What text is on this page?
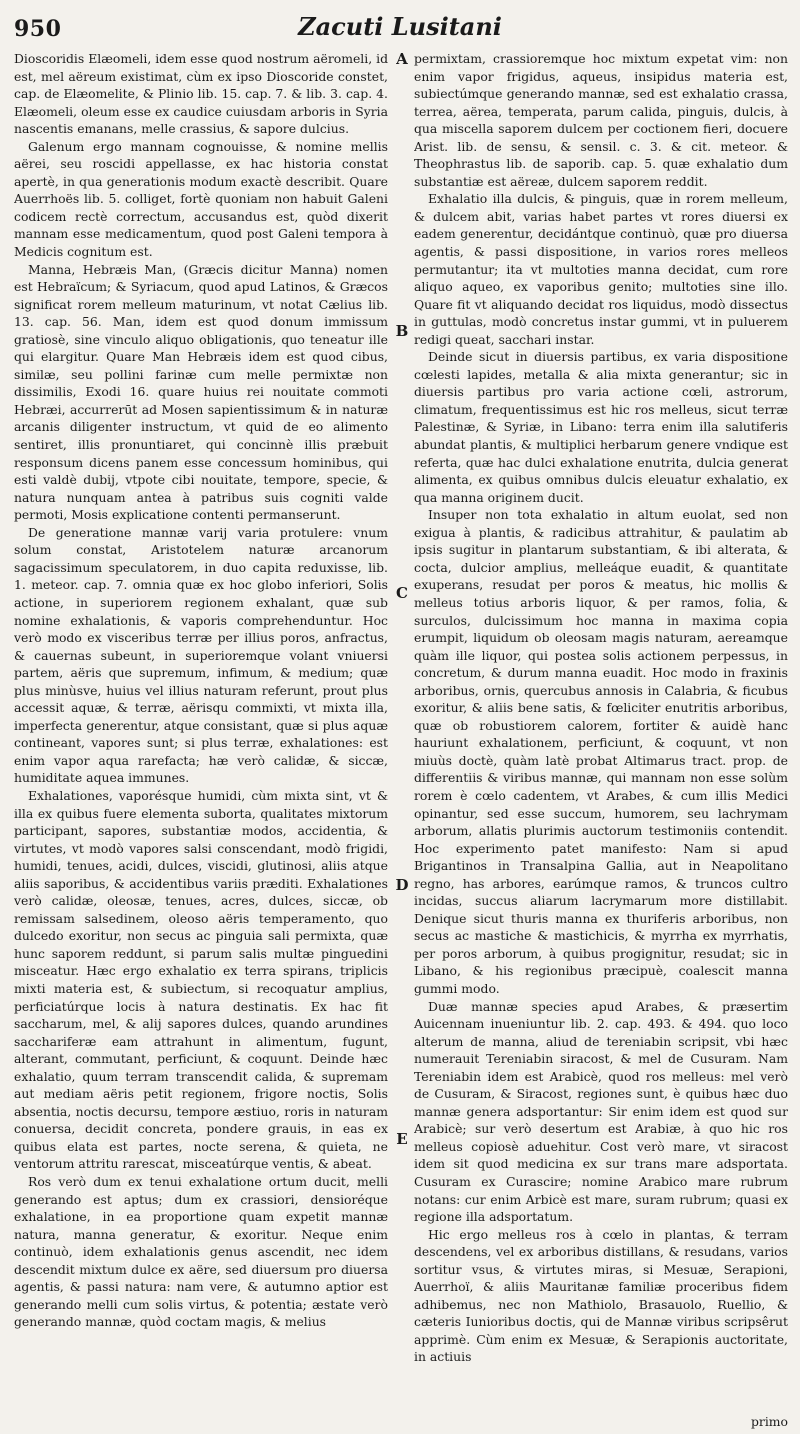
950	Zacuti Lusitani

Dioscoridis Elæomeli, idem esse quod nostrum aëromeli, id est, mel aëreum existimat, cùm ex ipso Dioscoride constet, cap. de Elæomelite, & Plinio lib. 15. cap. 7. & lib. 3. cap. 4. Elæomeli, oleum esse ex caudice cuiusdam arboris in Syria nascentis emanans, melle crassius, & sapore dulcius.

Galenum ergo mannam cognouisse, & nomine mellis aërei, seu roscidi appellasse, ex hac historia constat apertè, in qua generationis modum exactè describit. Quare Auerrhoës lib. 5. colliget, fortè quoniam non habuit Galeni codicem rectè correctum, accusandus est, quòd dixerit mannam esse medicamentum, quod post Galeni tempora à Medicis cognitum est.

Manna, Hebræis Man, (Græcis dicitur Manna) nomen est Hebraïcum; & Syriacum, quod apud Latinos, & Græcos significat rorem melleum maturinum, vt notat Cælius lib. 13. cap. 56. Man, idem est quod donum immissum gratiosè, sine vinculo aliquo obligationis, quo teneatur ille qui elargitur. Quare Man Hebræis idem est quod cibus, similæ, seu pollini farinæ cum melle permixtæ non dissimilis, Exodi 16. quare huius rei nouitate commoti Hebræi, accurrerūt ad Mosen sapientissimum & in naturæ arcanis diligenter instructum, vt quid de eo alimento sentiret, illis pronuntiaret, qui concinnè illis præbuit responsum dicens panem esse concessum hominibus, qui esti valdè dubij, vtpote cibi nouitate, tempore, specie, & natura nunquam antea à patribus suis cogniti valde permoti, Mosis explicatione contenti permanserunt.

De generatione mannæ varij varia protulere: vnum solum constat, Aristotelem naturæ arcanorum sagacissimum speculatorem, in duo capita reduxisse, lib. 1. meteor. cap. 7. omnia quæ ex hoc globo inferiori, Solis actione, in superiorem regionem exhalant, quæ sub nomine exhalationis, & vaporis comprehenduntur. Hoc verò modo ex visceribus terræ per illius poros, anfractus, & cauernas subeunt, in superioremque volant vniuersi partem, aëris que supremum, infimum, & medium; quæ plus minùsve, huius vel illius naturam referunt, prout plus accessit aquæ, & terræ, aërisqu commixti, vt mixta illa, imperfecta generentur, atque consistant, quæ si plus aquæ contineant, vapores sunt; si plus terræ, exhalationes: est enim vapor aqua rarefacta; hæ verò calidæ, & siccæ, humiditate aquea immunes.

Exhalationes, vaporésque humidi, cùm mixta sint, vt & illa ex quibus fuere elementa suborta, qualitates mixtorum participant, sapores, substantiæ modos, accidentia, & virtutes, vt modò vapores salsi conscendant, modò frigidi, humidi, tenues, acidi, dulces, viscidi, glutinosi, aliis atque aliis saporibus, & accidentibus variis præditi. Exhalationes verò calidæ, oleosæ, tenues, acres, dulces, siccæ, ob remissam salsedinem, oleoso aëris temperamento, quo dulcedo exoritur, non secus ac pinguia sali permixta, quæ hunc saporem reddunt, si parum salis multæ pinguedini misceatur. Hæc ergo exhalatio ex terra spirans, triplicis mixti materia est, & subiectum, si recoquatur amplius, perficiatúrque locis à natura destinatis. Ex hac fit saccharum, mel, & alij sapores dulces, quando arundines sacchariferæ eam attrahunt in alimentum, fugunt, alterant, commutant, perficiunt, & coquunt. Deinde hæc exhalatio, quum terram transcendit calida, & supremam aut mediam aëris petit regionem, frigore noctis, Solis absentia, noctis decursu, tempore æstiuo, roris in naturam conuersa, decidit concreta, pondere grauis, in eas ex quibus elata est partes, nocte serena, & quieta, ne ventorum attritu rarescat, misceatúrque ventis, & abeat.

Ros verò dum ex tenui exhalatione ortum ducit, melli generando est aptus; dum ex crassiori, densioréque exhalatione, in ea proportione quam expetit mannæ natura, manna generatur, & exoritur. Neque enim continuò, idem exhalationis genus ascendit, nec idem descendit mixtum dulce ex aëre, sed diuersum pro diuersa agentis, & passi natura: nam vere, & autumno aptior est generando melli cum solis virtus, & potentia; æstate verò generando mannæ, quòd coctam magis, & melius

A
B
C
D
E

permixtam, crassioremque hoc mixtum expetat vim: non enim vapor frigidus, aqueus, insipidus materia est, subiectúmque generando mannæ, sed est exhalatio crassa, terrea, aërea, temperata, parum calida, pinguis, dulcis, à qua miscella saporem dulcem per coctionem fieri, docuere Arist. lib. de sensu, & sensil. c. 3. & cit. meteor. & Theophrastus lib. de saporib. cap. 5. quæ exhalatio dum substantiæ est aëreæ, dulcem saporem reddit.

Exhalatio illa dulcis, & pinguis, quæ in rorem melleum, & dulcem abit, varias habet partes vt rores diuersi ex eadem generentur, decidántque continuò, quæ pro diuersa agentis, & passi dispositione, in varios rores melleos permutantur; ita vt multoties manna decidat, cum rore aliquo aqueo, ex vaporibus genito; multoties sine illo. Quare fit vt aliquando decidat ros liquidus, modò dissectus in guttulas, modò concretus instar gummi, vt in puluerem redigi queat, sacchari instar.

Deinde sicut in diuersis partibus, ex varia dispositione cœlesti lapides, metalla & alia mixta generantur; sic in diuersis partibus pro varia actione cœli, astrorum, climatum, frequentissimus est hic ros melleus, sicut terræ Palestinæ, & Syriæ, in Libano: terra enim illa salutiferis abundat plantis, & multiplici herbarum genere vndique est referta, quæ hac dulci exhalatione enutrita, dulcia generat alimenta, ex quibus omnibus dulcis eleuatur exhalatio, ex qua manna originem ducit.

Insuper non tota exhalatio in altum euolat, sed non exigua à plantis, & radicibus attrahitur, & paulatim ab ipsis sugitur in plantarum substantiam, & ibi alterata, & cocta, dulcior amplius, melleáque euadit, & quantitate exuperans, resudat per poros & meatus, hic mollis & melleus totius arboris liquor, & per ramos, folia, & surculos, dulcissimum hoc manna in maxima copia erumpit, liquidum ob oleosam magis naturam, aereamque quàm ille liquor, qui postea solis actionem perpessus, in concretum, & durum manna euadit. Hoc modo in fraxinis arboribus, ornis, quercubus annosis in Calabria, & ficubus exoritur, & aliis bene satis, & fœliciter enutritis arboribus, quæ ob robustiorem calorem, fortiter & auidè hanc hauriunt exhalationem, perficiunt, & coquunt, vt non miuùs doctè, quàm latè probat Altimarus tract. prop. de differentiis & viribus mannæ, qui mannam non esse solùm rorem è cœlo cadentem, vt Arabes, & cum illis Medici opinantur, sed esse succum, humorem, seu lachrymam arborum, allatis plurimis auctorum testimoniis contendit. Hoc experimento patet manifesto: Nam si apud Brigantinos in Transalpina Gallia, aut in Neapolitano regno, has arbores, earúmque ramos, & truncos cultro incidas, succus aliarum lacrymarum more distillabit. Denique sicut thuris manna ex thuriferis arboribus, non secus ac mastiche & mastichicis, & myrrha ex myrrhatis, per poros arborum, à quibus progignitur, resudat; sic in Libano, & his regionibus præcipuè, coalescit manna gummi modo.

Duæ mannæ species apud Arabes, & præsertim Auicennam inueniuntur lib. 2. cap. 493. & 494. quo loco alterum de manna, aliud de tereniabin scripsit, vbi hæc numerauit Tereniabin siracost, & mel de Cusuram. Nam Tereniabin idem est Arabicè, quod ros melleus: mel verò de Cusuram, & Siracost, regiones sunt, è quibus hæc duo mannæ genera adsportantur: Sir enim idem est quod sur Arabicè; sur verò desertum est Arabiæ, à quo hic ros melleus copiosè aduehitur. Cost verò mare, vt siracost idem sit quod medicina ex sur trans mare adsportata. Cusuram ex Curascire; nomine Arabico mare rubrum notans: cur enim Arbicè est mare, suram rubrum; quasi ex regione illa adsportatum.

Hic ergo melleus ros à cœlo in plantas, & terram descendens, vel ex arboribus distillans, & resudans, varios sortitur vsus, & virtutes miras, si Mesuæ, Serapioni, Auerrhoï, & aliis Mauritanæ familiæ proceribus fidem adhibemus, nec non Mathiolo, Brasauolo, Ruellio, & cæteris Iunioribus doctis, qui de Mannæ viribus scripsêrut apprimè. Cùm enim ex Mesuæ, & Serapionis auctoritate, in actiuis

primo
